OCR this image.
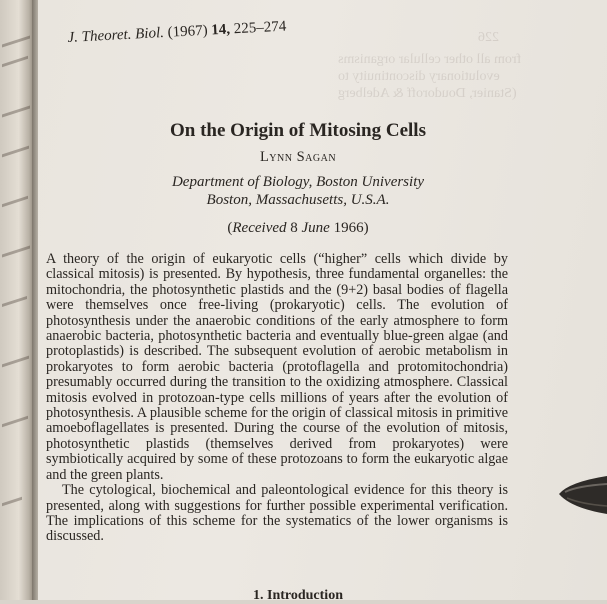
226
from all other cellular organisms
evolutionary discontinuity to
(Stanier, Doudoroff & Adelberg
J. Theoret. Biol. (1967) 14, 225–274
On the Origin of Mitosing Cells
Lynn Sagan
Department of Biology, Boston University
Boston, Massachusetts, U.S.A.
(Received 8 June 1966)

A theory of the origin of eukaryotic cells (“higher” cells which divide by classical mitosis) is presented. By hypothesis, three fundamental organelles: the mitochondria, the photosynthetic plastids and the (9+2) basal bodies of flagella were themselves once free-living (prokaryotic) cells. The evolution of photosynthesis under the anaerobic conditions of the early atmosphere to form anaerobic bacteria, photosynthetic bacteria and eventually blue-green algae (and protoplastids) is described. The subsequent evolution of aerobic metabolism in prokaryotes to form aerobic bacteria (protoflagella and protomitochondria) presumably occurred during the transition to the oxidizing atmosphere. Classical mitosis evolved in protozoan-type cells millions of years after the evolution of photosynthesis. A plausible scheme for the origin of classical mitosis in primitive amoeboflagellates is presented. During the course of the evolution of mitosis, photosynthetic plastids (themselves derived from prokaryotes) were symbiotically acquired by some of these protozoans to form the eukaryotic algae and the green plants.

The cytological, biochemical and paleontological evidence for this theory is presented, along with suggestions for further possible experimental verification. The implications of this scheme for the systematics of the lower organisms is discussed.

1. Introduction
